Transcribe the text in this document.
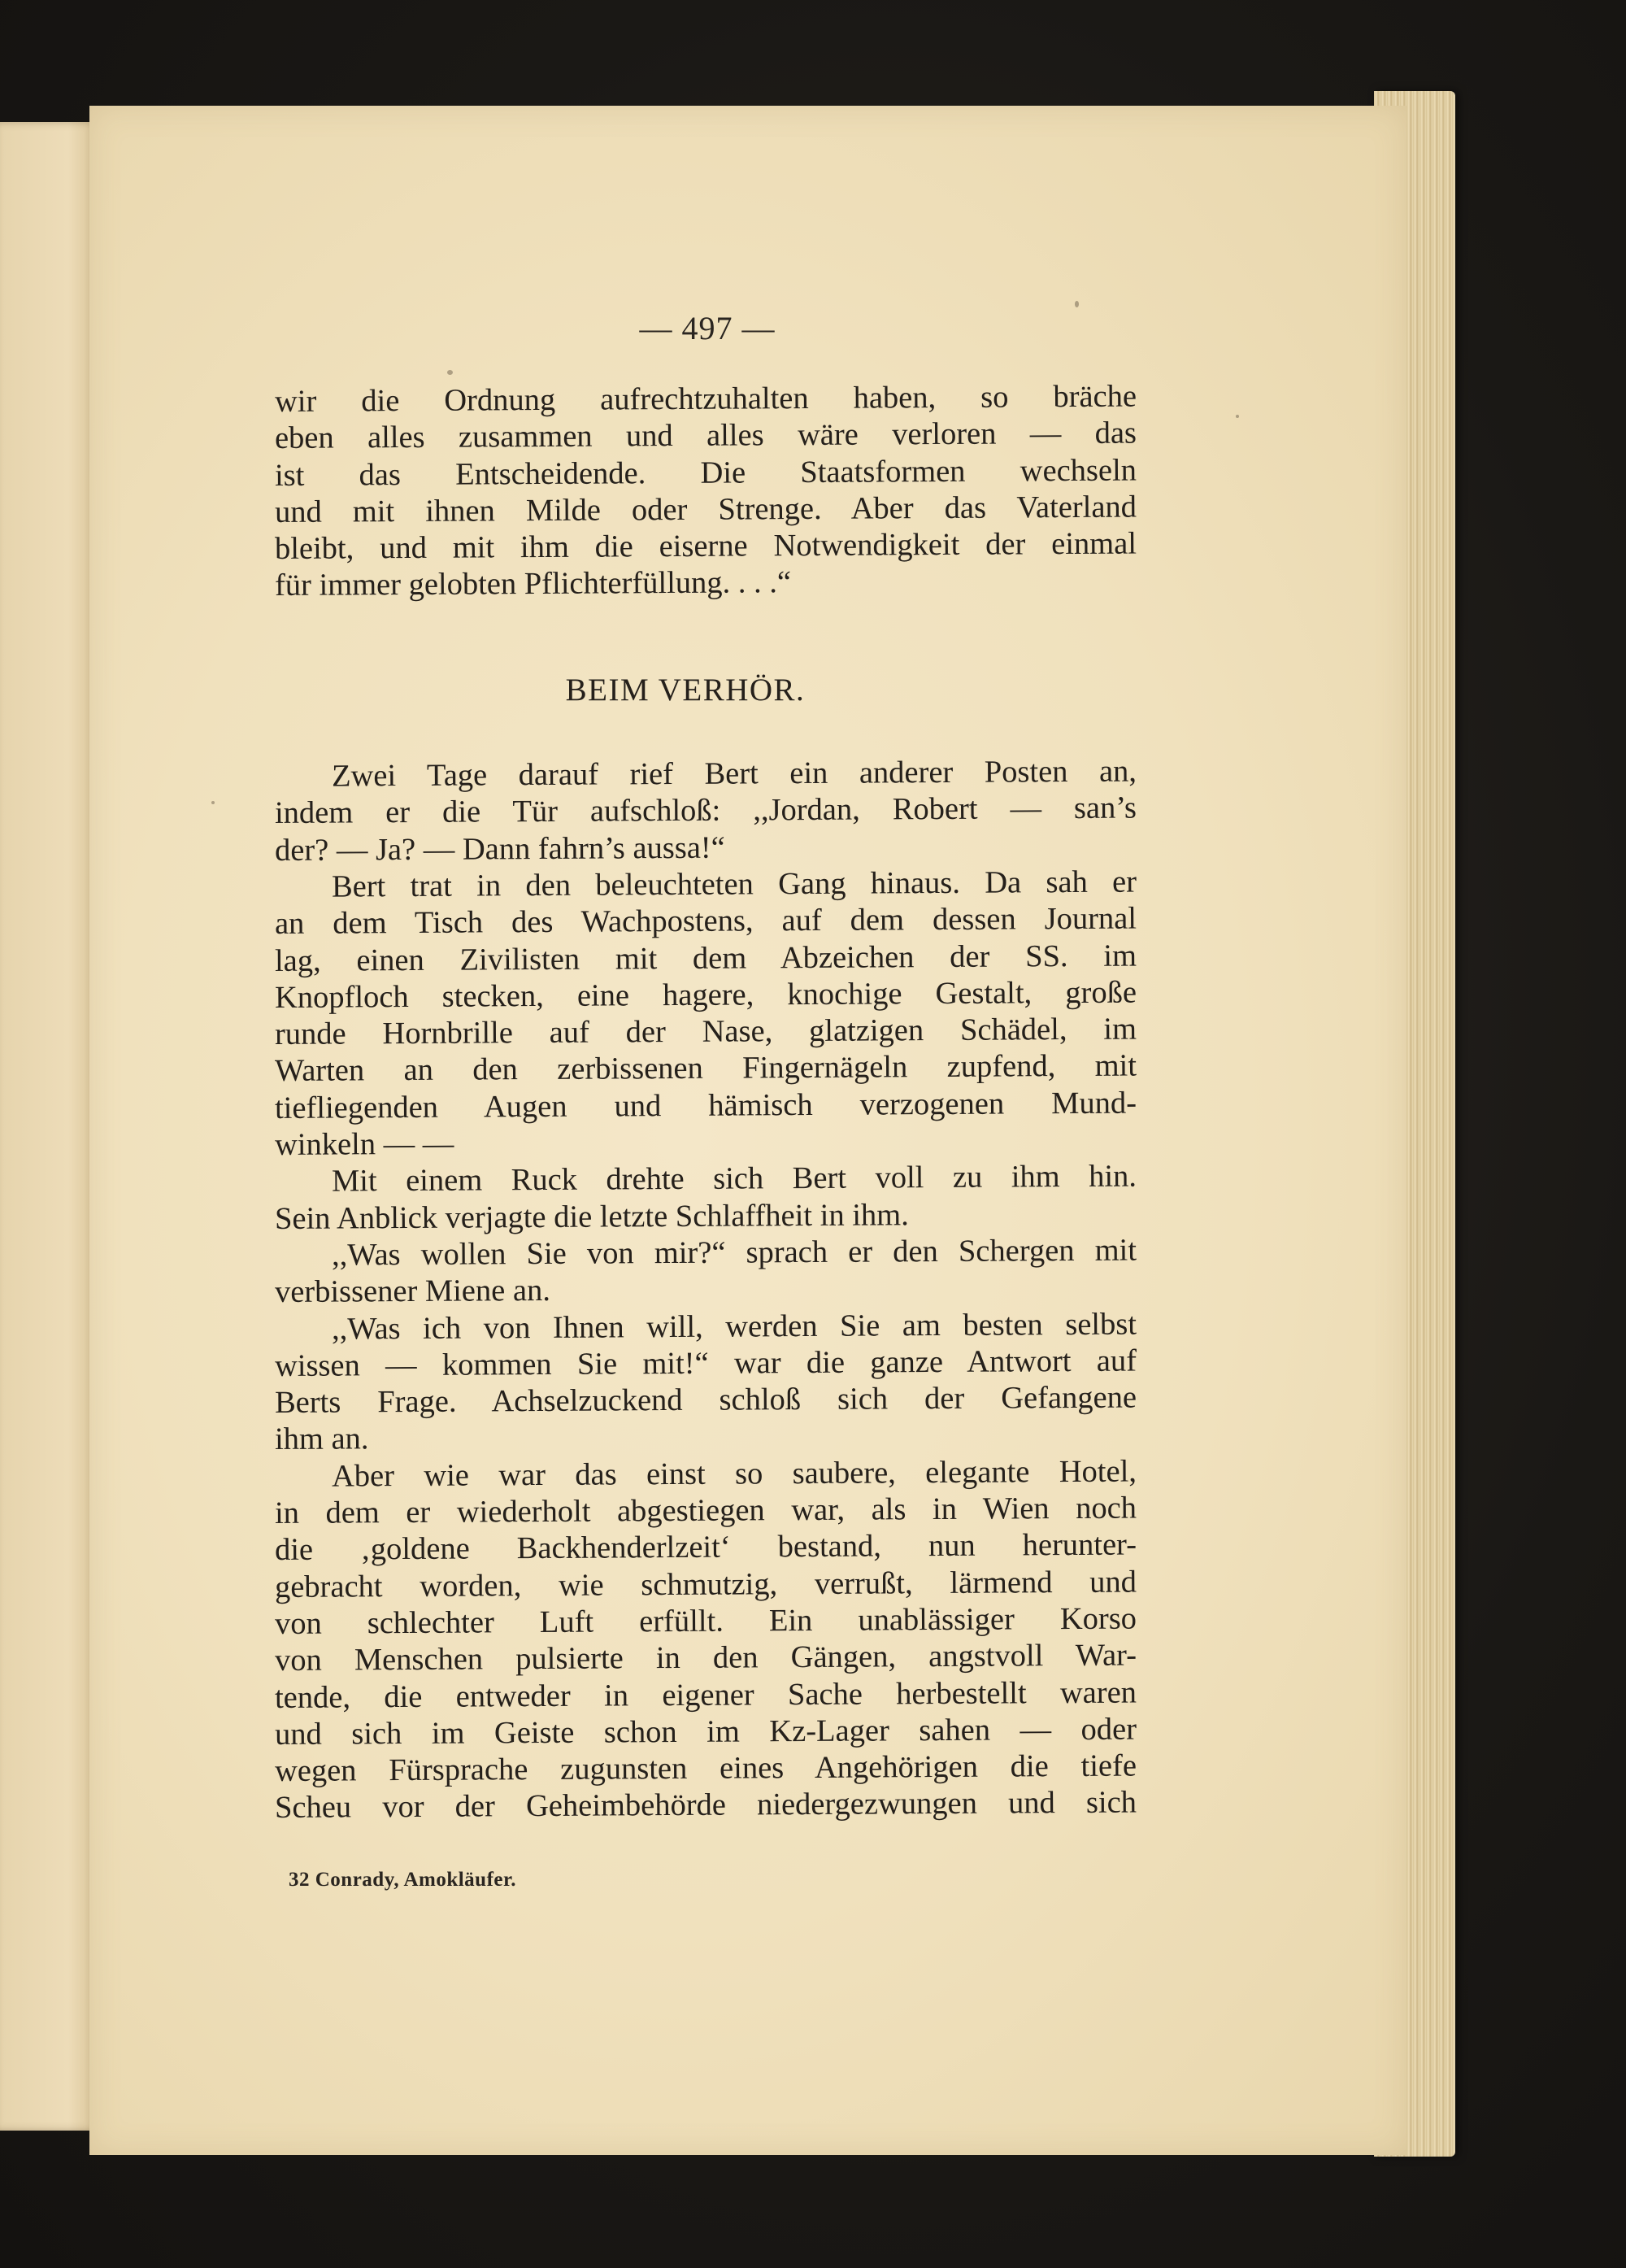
— 497 —
wir die Ordnung aufrechtzuhalten haben, so bräche
eben alles zusammen und alles wäre verloren — das
ist das Entscheidende. Die Staatsformen wechseln
und mit ihnen Milde oder Strenge. Aber das Vaterland
bleibt, und mit ihm die eiserne Notwendigkeit der einmal
für immer gelobten Pflichterfüllung. . . .“
BEIM VERHÖR.
Zwei Tage darauf rief Bert ein anderer Posten an,
indem er die Tür aufschloß: ,,Jordan, Robert — san’s
der? — Ja? — Dann fahrn’s aussa!“
Bert trat in den beleuchteten Gang hinaus. Da sah er
an dem Tisch des Wachpostens, auf dem dessen Journal
lag, einen Zivilisten mit dem Abzeichen der SS. im
Knopfloch stecken, eine hagere, knochige Gestalt, große
runde Hornbrille auf der Nase, glatzigen Schädel, im
Warten an den zerbissenen Fingernägeln zupfend, mit
tiefliegenden Augen und hämisch verzogenen Mund-
winkeln — —
Mit einem Ruck drehte sich Bert voll zu ihm hin.
Sein Anblick verjagte die letzte Schlaffheit in ihm.
,,Was wollen Sie von mir?“ sprach er den Schergen mit
verbissener Miene an.
,,Was ich von Ihnen will, werden Sie am besten selbst
wissen — kommen Sie mit!“ war die ganze Antwort auf
Berts Frage. Achselzuckend schloß sich der Gefangene
ihm an.
Aber wie war das einst so saubere, elegante Hotel,
in dem er wiederholt abgestiegen war, als in Wien noch
die ‚goldene Backhenderlzeit‘ bestand, nun herunter-
gebracht worden, wie schmutzig, verrußt, lärmend und
von schlechter Luft erfüllt. Ein unablässiger Korso
von Menschen pulsierte in den Gängen, angstvoll War-
tende, die entweder in eigener Sache herbestellt waren
und sich im Geiste schon im Kz-Lager sahen — oder
wegen Fürsprache zugunsten eines Angehörigen die tiefe
Scheu vor der Geheimbehörde niedergezwungen und sich
32 Conrady, Amokläufer.
